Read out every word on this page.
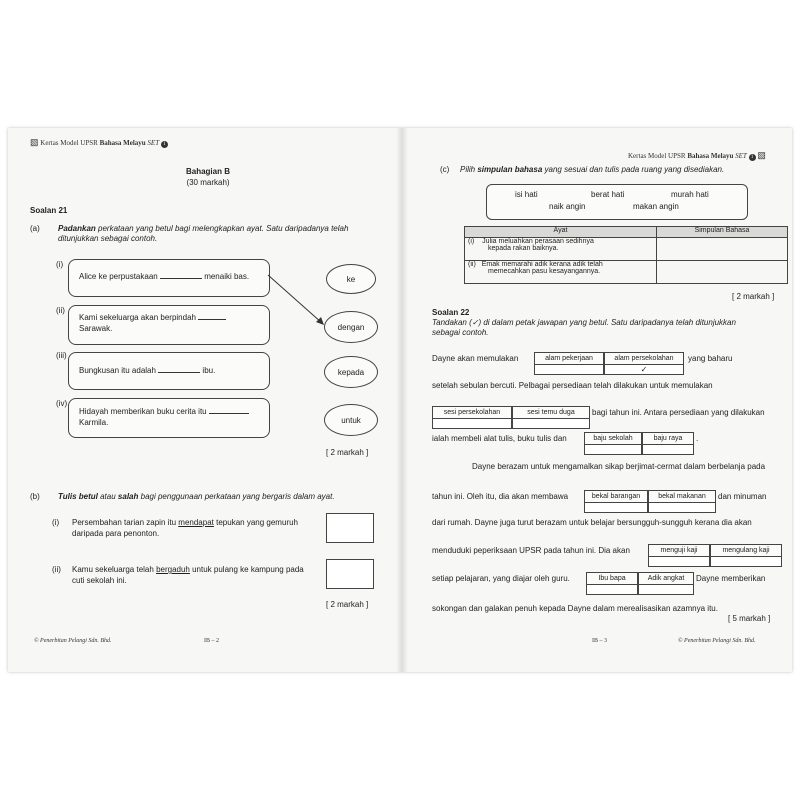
▧ Kertas Model UPSR Bahasa Melayu SET 1
Bahagian B
(30 markah)
Soalan 21
(a) Padankan perkataan yang betul bagi melengkapkan ayat. Satu daripadanya telah
ditunjukkan sebagai contoh.
(i)
Alice ke perpustakaan	menaiki bas.
(ii)
Kami sekeluarga akan berpindah
Sarawak.
(iii)
Bungkusan itu adalah	ibu.
(iv)
Hidayah memberikan buku cerita itu
Karmila.
ke
dengan
kepada
untuk
[ 2 markah ]
(b) Tulis betul atau salah bagi penggunaan perkataan yang bergaris dalam ayat.
(i) Persembahan tarian zapin itu mendapat tepukan yang gemuruh
daripada para penonton.
(ii) Kamu sekeluarga telah bergaduh untuk pulang ke kampung pada
cuti sekolah ini.
[ 2 markah ]
© Penerbitan Pelangi Sdn. Bhd.	IB – 2
Kertas Model UPSR Bahasa Melayu SET 1 ▧
(c) Pilih simpulan bahasa yang sesuai dan tulis pada ruang yang disediakan.
isi hati	berat hati	murah hati
naik angin	makan angin
Ayat	Simpulan Bahasa
(i) Julia meluahkan perasaan sedihnya
kepada rakan baiknya.	
(ii) Emak memarahi adik kerana adik telah
memecahkan pasu kesayangannya.	
[ 2 markah ]
Soalan 22
Tandakan (✓) di dalam petak jawapan yang betul. Satu daripadanya telah ditunjukkan
sebagai contoh.
Dayne akan memulakan	alam pekerjaan	alam persekolahan
✓
yang baharu
setelah sebulan bercuti. Pelbagai persediaan telah dilakukan untuk memulakan
sesi persekolahan	sesi temu duga	bagi tahun ini. Antara persediaan yang dilakukan
ialah membeli alat tulis, buku tulis dan	baju sekolah	baju raya	.
Dayne berazam untuk mengamalkan sikap berjimat-cermat dalam berbelanja pada
tahun ini. Oleh itu, dia akan membawa	bekal barangan	bekal makanan	dan minuman
dari rumah. Dayne juga turut berazam untuk belajar bersungguh-sungguh kerana dia akan
menduduki peperiksaan UPSR pada tahun ini. Dia akan	menguji kaji	mengulang kaji
setiap pelajaran, yang diajar oleh guru.	Ibu bapa	Adik angkat	Dayne memberikan
sokongan dan galakan penuh kepada Dayne dalam merealisasikan azamnya itu.
[ 5 markah ]
IB – 3	© Penerbitan Pelangi Sdn. Bhd.
